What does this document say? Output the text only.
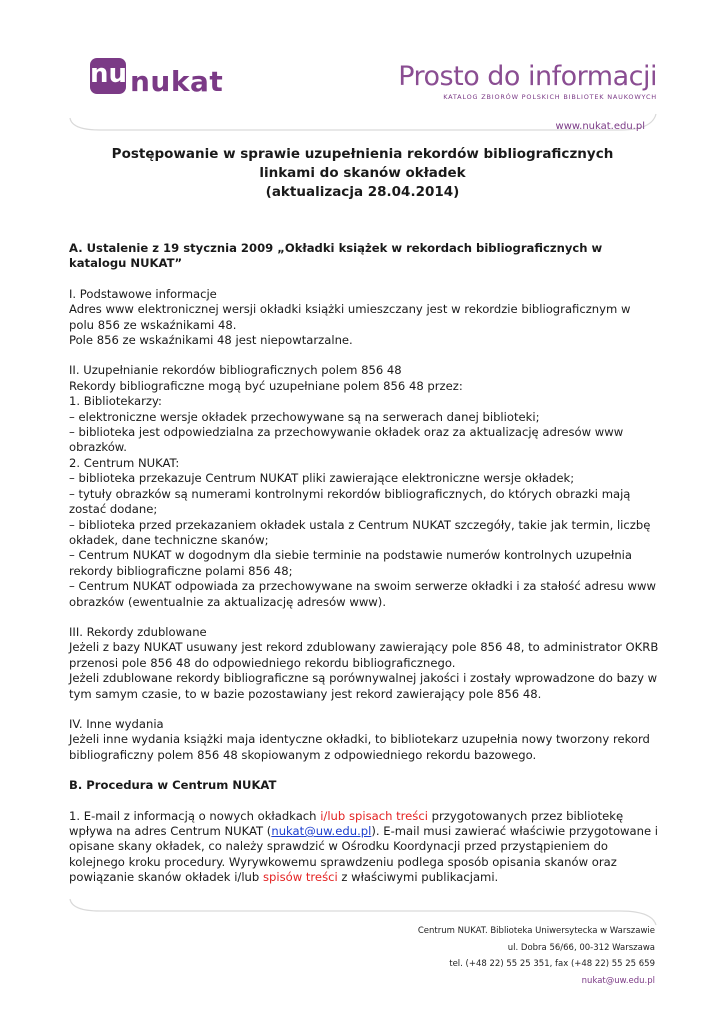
nu nukat	Prosto do informacji
KATALOG ZBIORÓW POLSKICH BIBLIOTEK NAUKOWYCH
www.nukat.edu.pl
Postępowanie w sprawie uzupełnienia rekordów bibliograficznych
linkami do skanów okładek
(aktualizacja 28.04.2014)

A. Ustalenie z 19 stycznia 2009 „Okładki książek w rekordach bibliograficznych w katalogu NUKAT”

I. Podstawowe informacje

Adres www elektronicznej wersji okładki książki umieszczany jest w rekordzie bibliograficznym w polu 856 ze wskaźnikami 48.

Pole 856 ze wskaźnikami 48 jest niepowtarzalne.

II. Uzupełnianie rekordów bibliograficznych polem 856 48

Rekordy bibliograficzne mogą być uzupełniane polem 856 48 przez:

1. Bibliotekarzy:

– elektroniczne wersje okładek przechowywane są na serwerach danej biblioteki;

– biblioteka jest odpowiedzialna za przechowywanie okładek oraz za aktualizację adresów www obrazków.

2. Centrum NUKAT:

– biblioteka przekazuje Centrum NUKAT pliki zawierające elektroniczne wersje okładek;

– tytuły obrazków są numerami kontrolnymi rekordów bibliograficznych, do których obrazki mają zostać dodane;

– biblioteka przed przekazaniem okładek ustala z Centrum NUKAT szczegóły, takie jak termin, liczbę okładek, dane techniczne skanów;

– Centrum NUKAT w dogodnym dla siebie terminie na podstawie numerów kontrolnych uzupełnia rekordy bibliograficzne polami 856 48;

– Centrum NUKAT odpowiada za przechowywane na swoim serwerze okładki i za stałość adresu www obrazków (ewentualnie za aktualizację adresów www).

III. Rekordy zdublowane

Jeżeli z bazy NUKAT usuwany jest rekord zdublowany zawierający pole 856 48, to administrator OKRB przenosi pole 856 48 do odpowiedniego rekordu bibliograficznego.

Jeżeli zdublowane rekordy bibliograficzne są porównywalnej jakości i zostały wprowadzone do bazy w tym samym czasie, to w bazie pozostawiany jest rekord zawierający pole 856 48.

IV. Inne wydania

Jeżeli inne wydania książki maja identyczne okładki, to bibliotekarz uzupełnia nowy tworzony rekord bibliograficzny polem 856 48 skopiowanym z odpowiedniego rekordu bazowego.

B. Procedura w Centrum NUKAT

1. E-mail z informacją o nowych okładkach i/lub spisach treści przygotowanych przez bibliotekę wpływa na adres Centrum NUKAT (nukat@uw.edu.pl). E-mail musi zawierać właściwie przygotowane i opisane skany okładek, co należy sprawdzić w Ośrodku Koordynacji przed przystąpieniem do kolejnego kroku procedury. Wyrywkowemu sprawdzeniu podlega sposób opisania skanów oraz powiązanie skanów okładek i/lub spisów treści z właściwymi publikacjami.

Centrum NUKAT. Biblioteka Uniwersytecka w Warszawie
ul. Dobra 56/66, 00-312 Warszawa
tel. (+48 22) 55 25 351, fax (+48 22) 55 25 659
nukat@uw.edu.pl
